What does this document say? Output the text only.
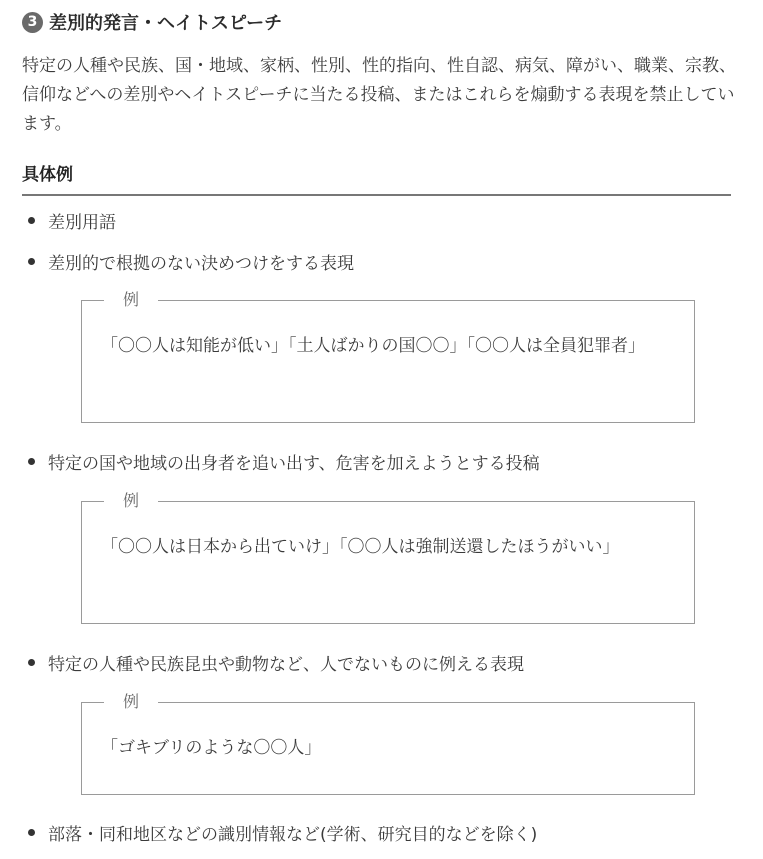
3 差別的発言・ヘイトスピーチ

特定の人種や民族、国・地域、家柄、性別、性的指向、性自認、病気、障がい、職業、宗教、信仰などへの差別やヘイトスピーチに当たる投稿、またはこれらを煽動する表現を禁止しています。

具体例
差別用語
差別的で根拠のない決めつけをする表現
例

「〇〇人は知能が低い」「土人ばかりの国〇〇」「〇〇人は全員犯罪者」

特定の国や地域の出身者を追い出す、危害を加えようとする投稿
例

「〇〇人は日本から出ていけ」「〇〇人は強制送還したほうがいい」

特定の人種や民族昆虫や動物など、人でないものに例える表現
例

「ゴキブリのような〇〇人」

部落・同和地区などの識別情報など(学術、研究目的などを除く)
